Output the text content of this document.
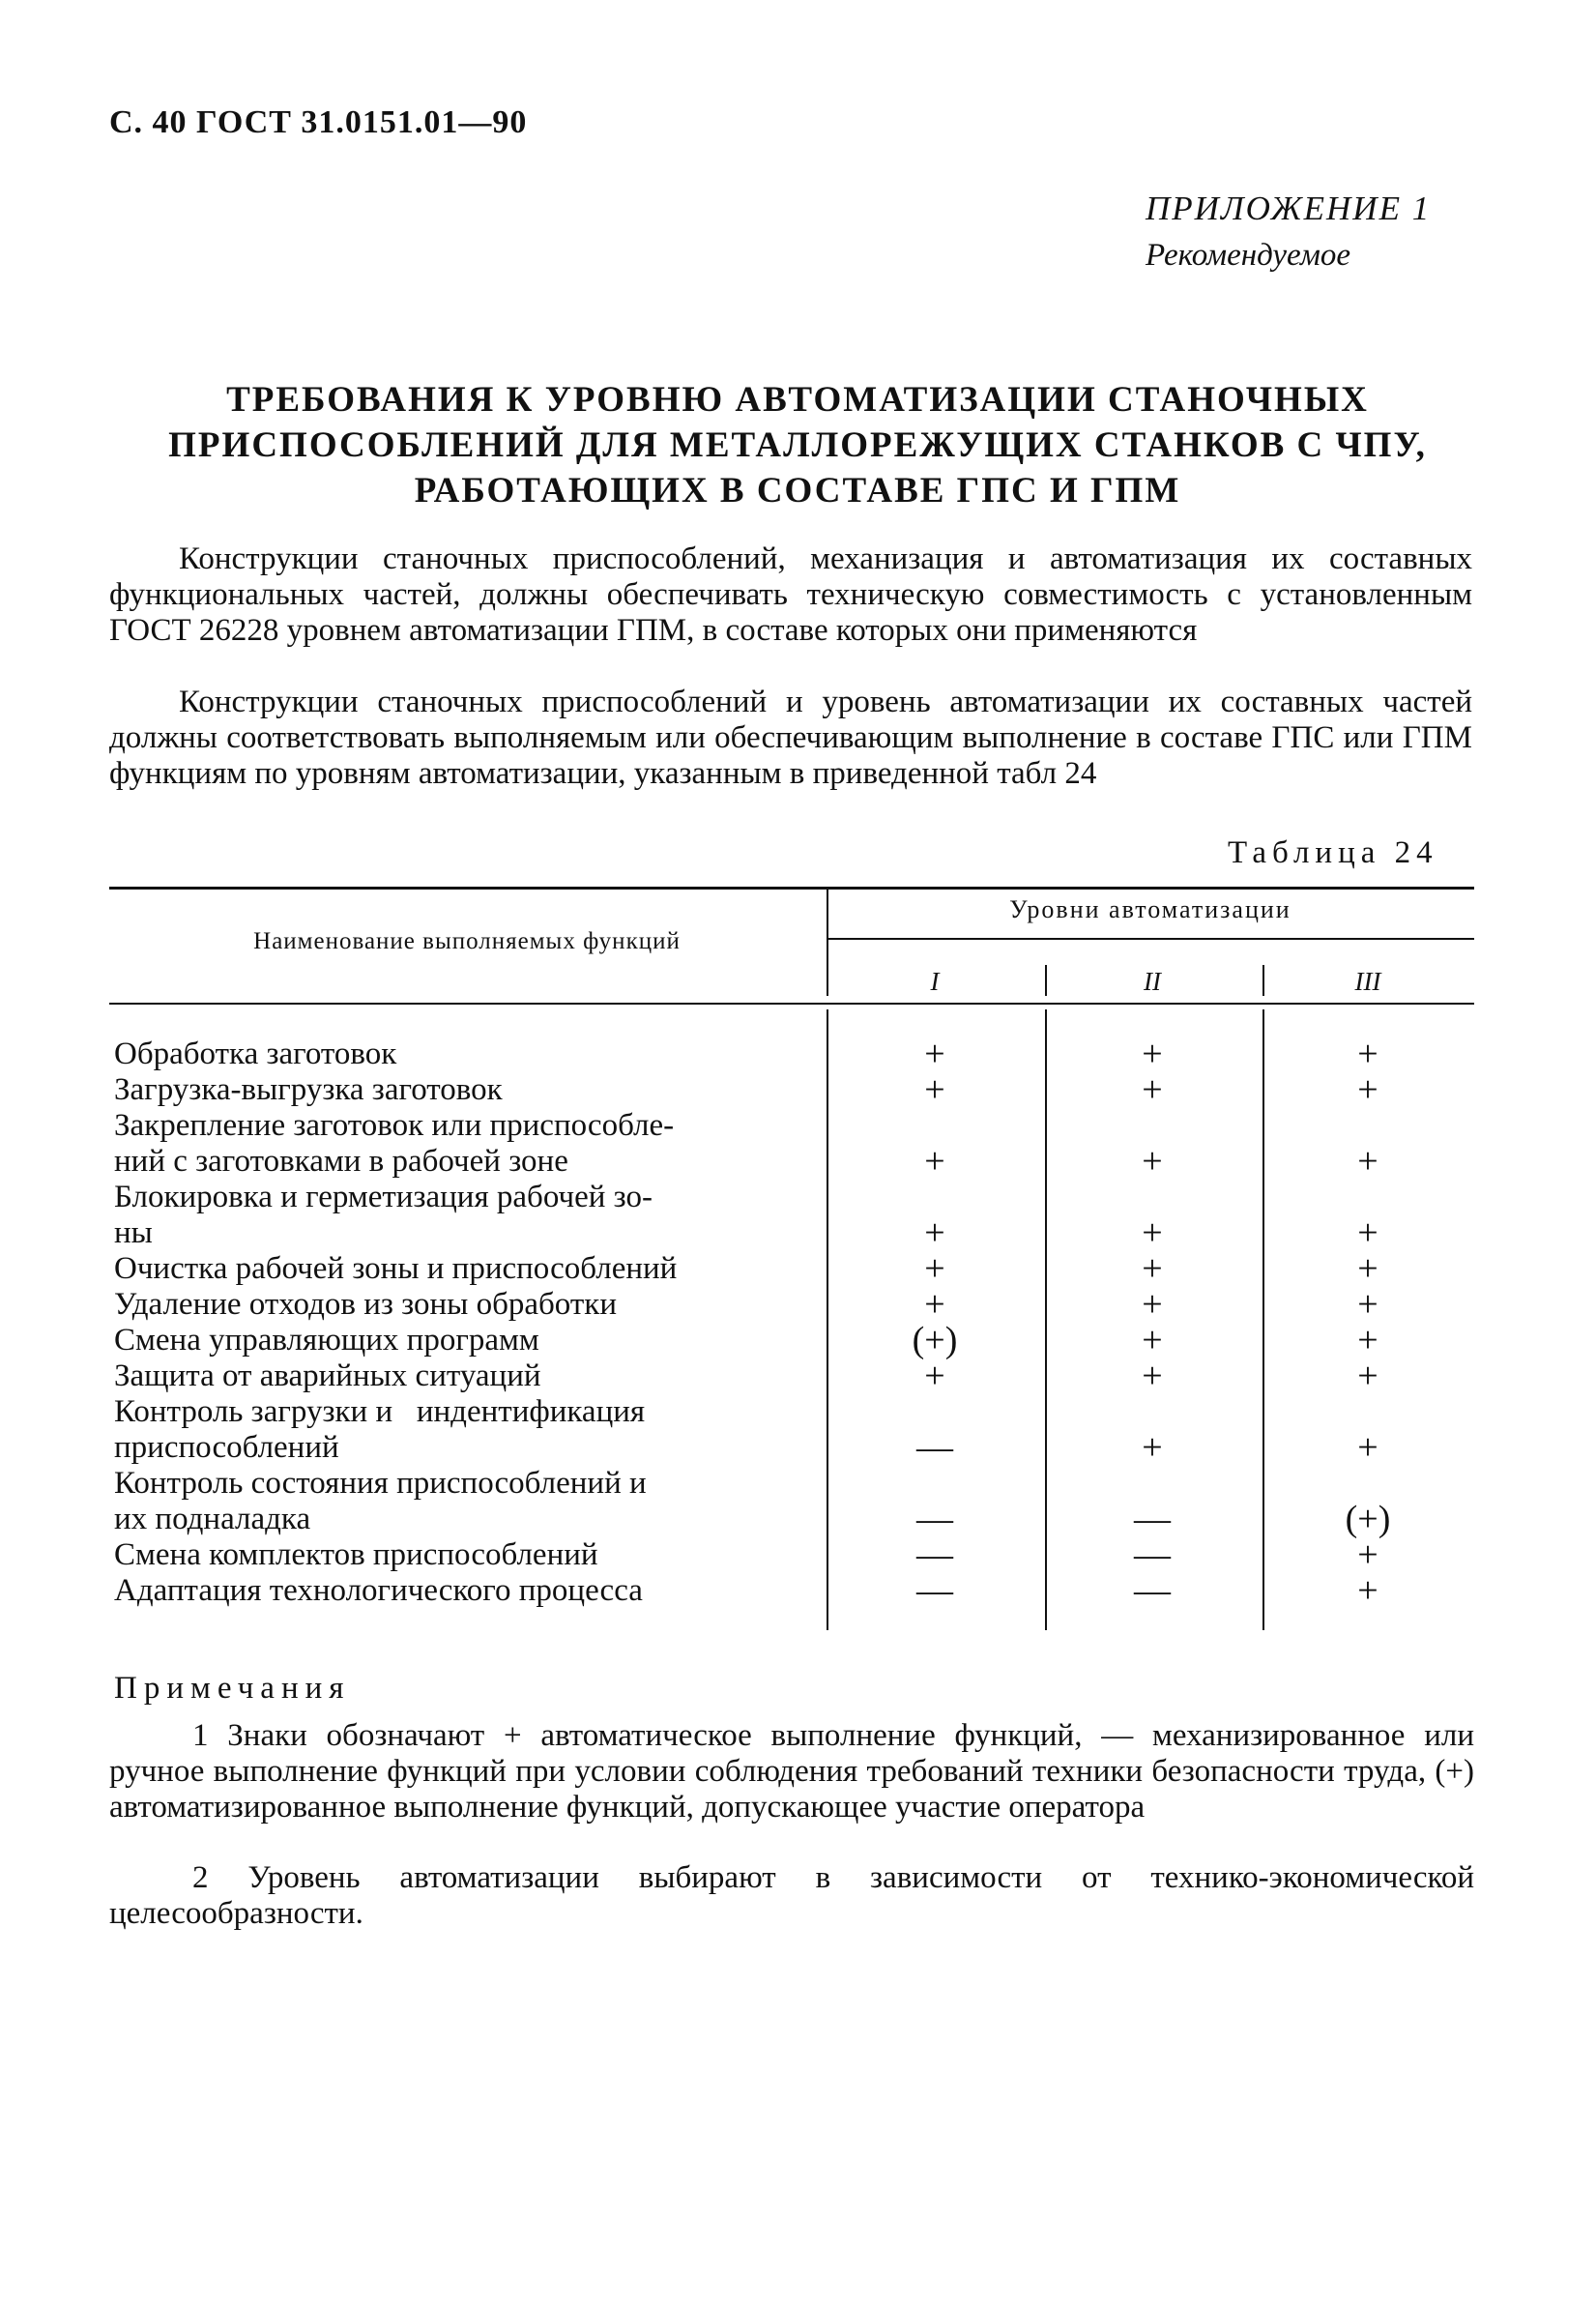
С. 40 ГОСТ 31.0151.01—90
ПРИЛОЖЕНИЕ 1
Рекомендуемое
ТРЕБОВАНИЯ К УРОВНЮ АВТОМАТИЗАЦИИ СТАНОЧНЫХ
ПРИСПОСОБЛЕНИЙ ДЛЯ МЕТАЛЛОРЕЖУЩИХ СТАНКОВ С ЧПУ,
РАБОТАЮЩИХ В СОСТАВЕ ГПС И ГПМ

Конструкции станочных приспособлений, механизация и автоматизация их составных функциональных частей, должны обеспечивать техническую совместимость с установленным ГОСТ 26228 уровнем автоматизации ГПМ, в составе которых они применяются

Конструкции станочных приспособлений и уровень автоматизации их составных частей должны соответствовать выполняемым или обеспечивающим выполнение в составе ГПС или ГПМ функциям по уровням автоматизации, указанным в приведенной табл 24

Таблица 24
Наименование выполняемых функций
Уровни автоматизации
I	II	III
Обработка заготовок	+	+	+
Загрузка-выгрузка заготовок	+	+	+
Закрепление заготовок или приспособле-
ний с заготовками в рабочей зоне	+	+	+
Блокировка и герметизация рабочей зо-
ны	+	+	+
Очистка рабочей зоны и приспособлений	+	+	+
Удаление отходов из зоны обработки	+	+	+
Смена управляющих программ	(+)	+	+
Защита от аварийных ситуаций	+	+	+
Контроль загрузки и   индентификация
приспособлений	—	+	+
Контроль состояния приспособлений и
их подналадка	—	—	(+)
Смена комплектов приспособлений	—	—	+
Адаптация технологического процесса	—	—	+
Примечания

1 Знаки обозначают + автоматическое выполнение функций, — механизированное или ручное выполнение функций при условии соблюдения требований техники безопасности труда, (+) автоматизированное выполнение функций, допускающее участие оператора

2 Уровень автоматизации выбирают в зависимости от технико-экономической целесообразности.
